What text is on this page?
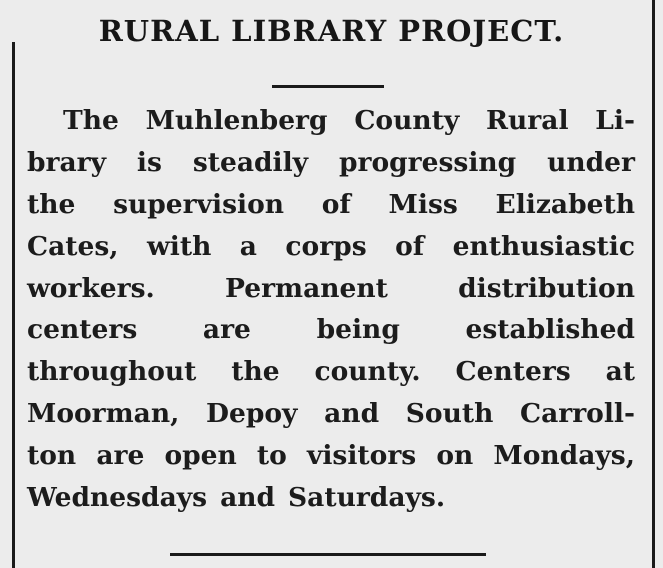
RURAL LIBRARY PROJECT.
The Muhlenberg County Rural Li-
brary is steadily progressing under
the supervision of Miss Elizabeth
Cates, with a corps of enthusiastic
workers.	Permanent	distribution
centers are being established
throughout the county. Centers at
Moorman, Depoy and South Carroll-
ton are open to visitors on Mondays,
Wednesdays and Saturdays.
